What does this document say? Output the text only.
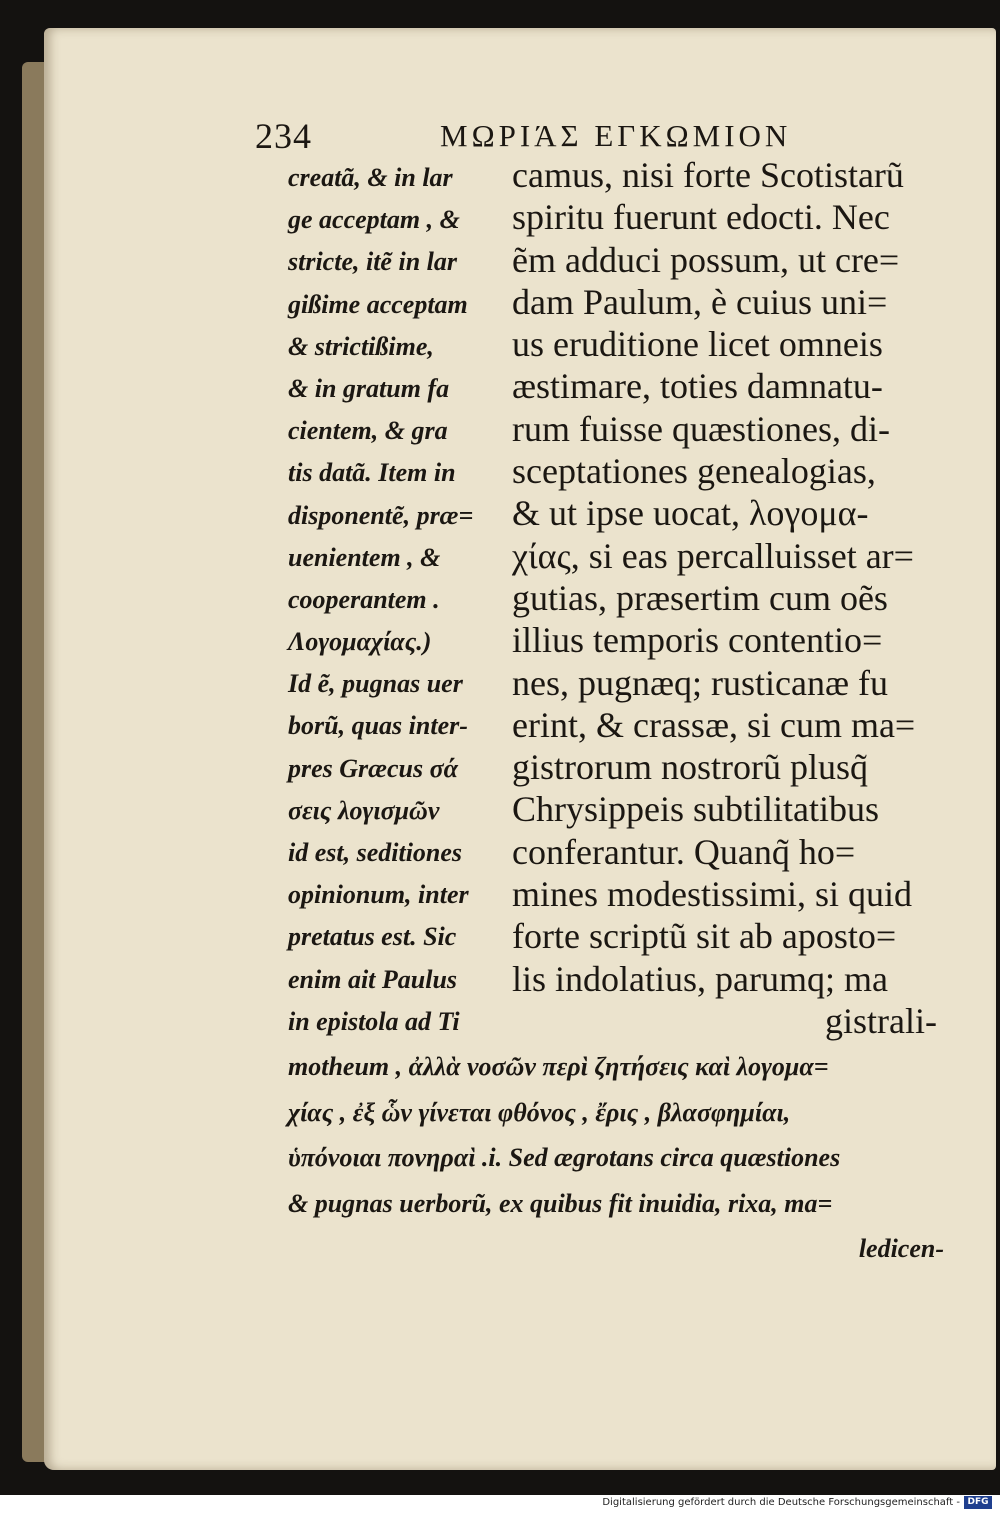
234	ΜΩΡΙΆΣ ΕΓΚΩΜΙΟΝ
creatã, & in lar
ge acceptam , &
stricte, itẽ in lar
gißime acceptam
& strictißime,
& in gratum fa
cientem, & gra
tis datã. Item in
disponentẽ, præ=
uenientem , &
cooperantem .
Λογομαχίας.)
Id ẽ, pugnas uer
borũ, quas inter-
pres Græcus σά
σεις λογισμῶν
id est, seditiones
opinionum, inter
pretatus est. Sic
enim ait Paulus
in epistola ad Ti
camus, nisi forte Scotistarũ
spiritu fuerunt edocti. Nec
ẽm adduci possum, ut cre=
dam Paulum, è cuius uni=
us eruditione licet omneis
æstimare, toties damnatu-
rum fuisse quæstiones, di-
sceptationes genealogias,
& ut ipse uocat, λογομα-
χίας, si eas percalluisset ar=
gutias, præsertim cum oẽs
illius temporis contentio=
nes, pugnæq; rusticanæ fu
erint, & crassæ, si cum ma=
gistrorum nostrorũ plusq̃
Chrysippeis subtilitatibus
conferantur. Quanq̃ ho=
mines modestissimi, si quid
forte scriptũ sit ab aposto=
lis indolatius, parumq; ma
gistrali-
motheum , ἀλλὰ νοσῶν περὶ ζητήσεις καὶ λογομα=
χίας , ἐξ ὧν γίνεται φθόνος , ἔρις , βλασφημίαι,
ὑπόνοιαι πονηραὶ .i. Sed ægrotans circa quæstiones
& pugnas uerborũ, ex quibus fit inuidia, rixa, ma=
ledicen-
Digitalisierung gefördert durch die Deutsche Forschungsgemeinschaft - DFG
